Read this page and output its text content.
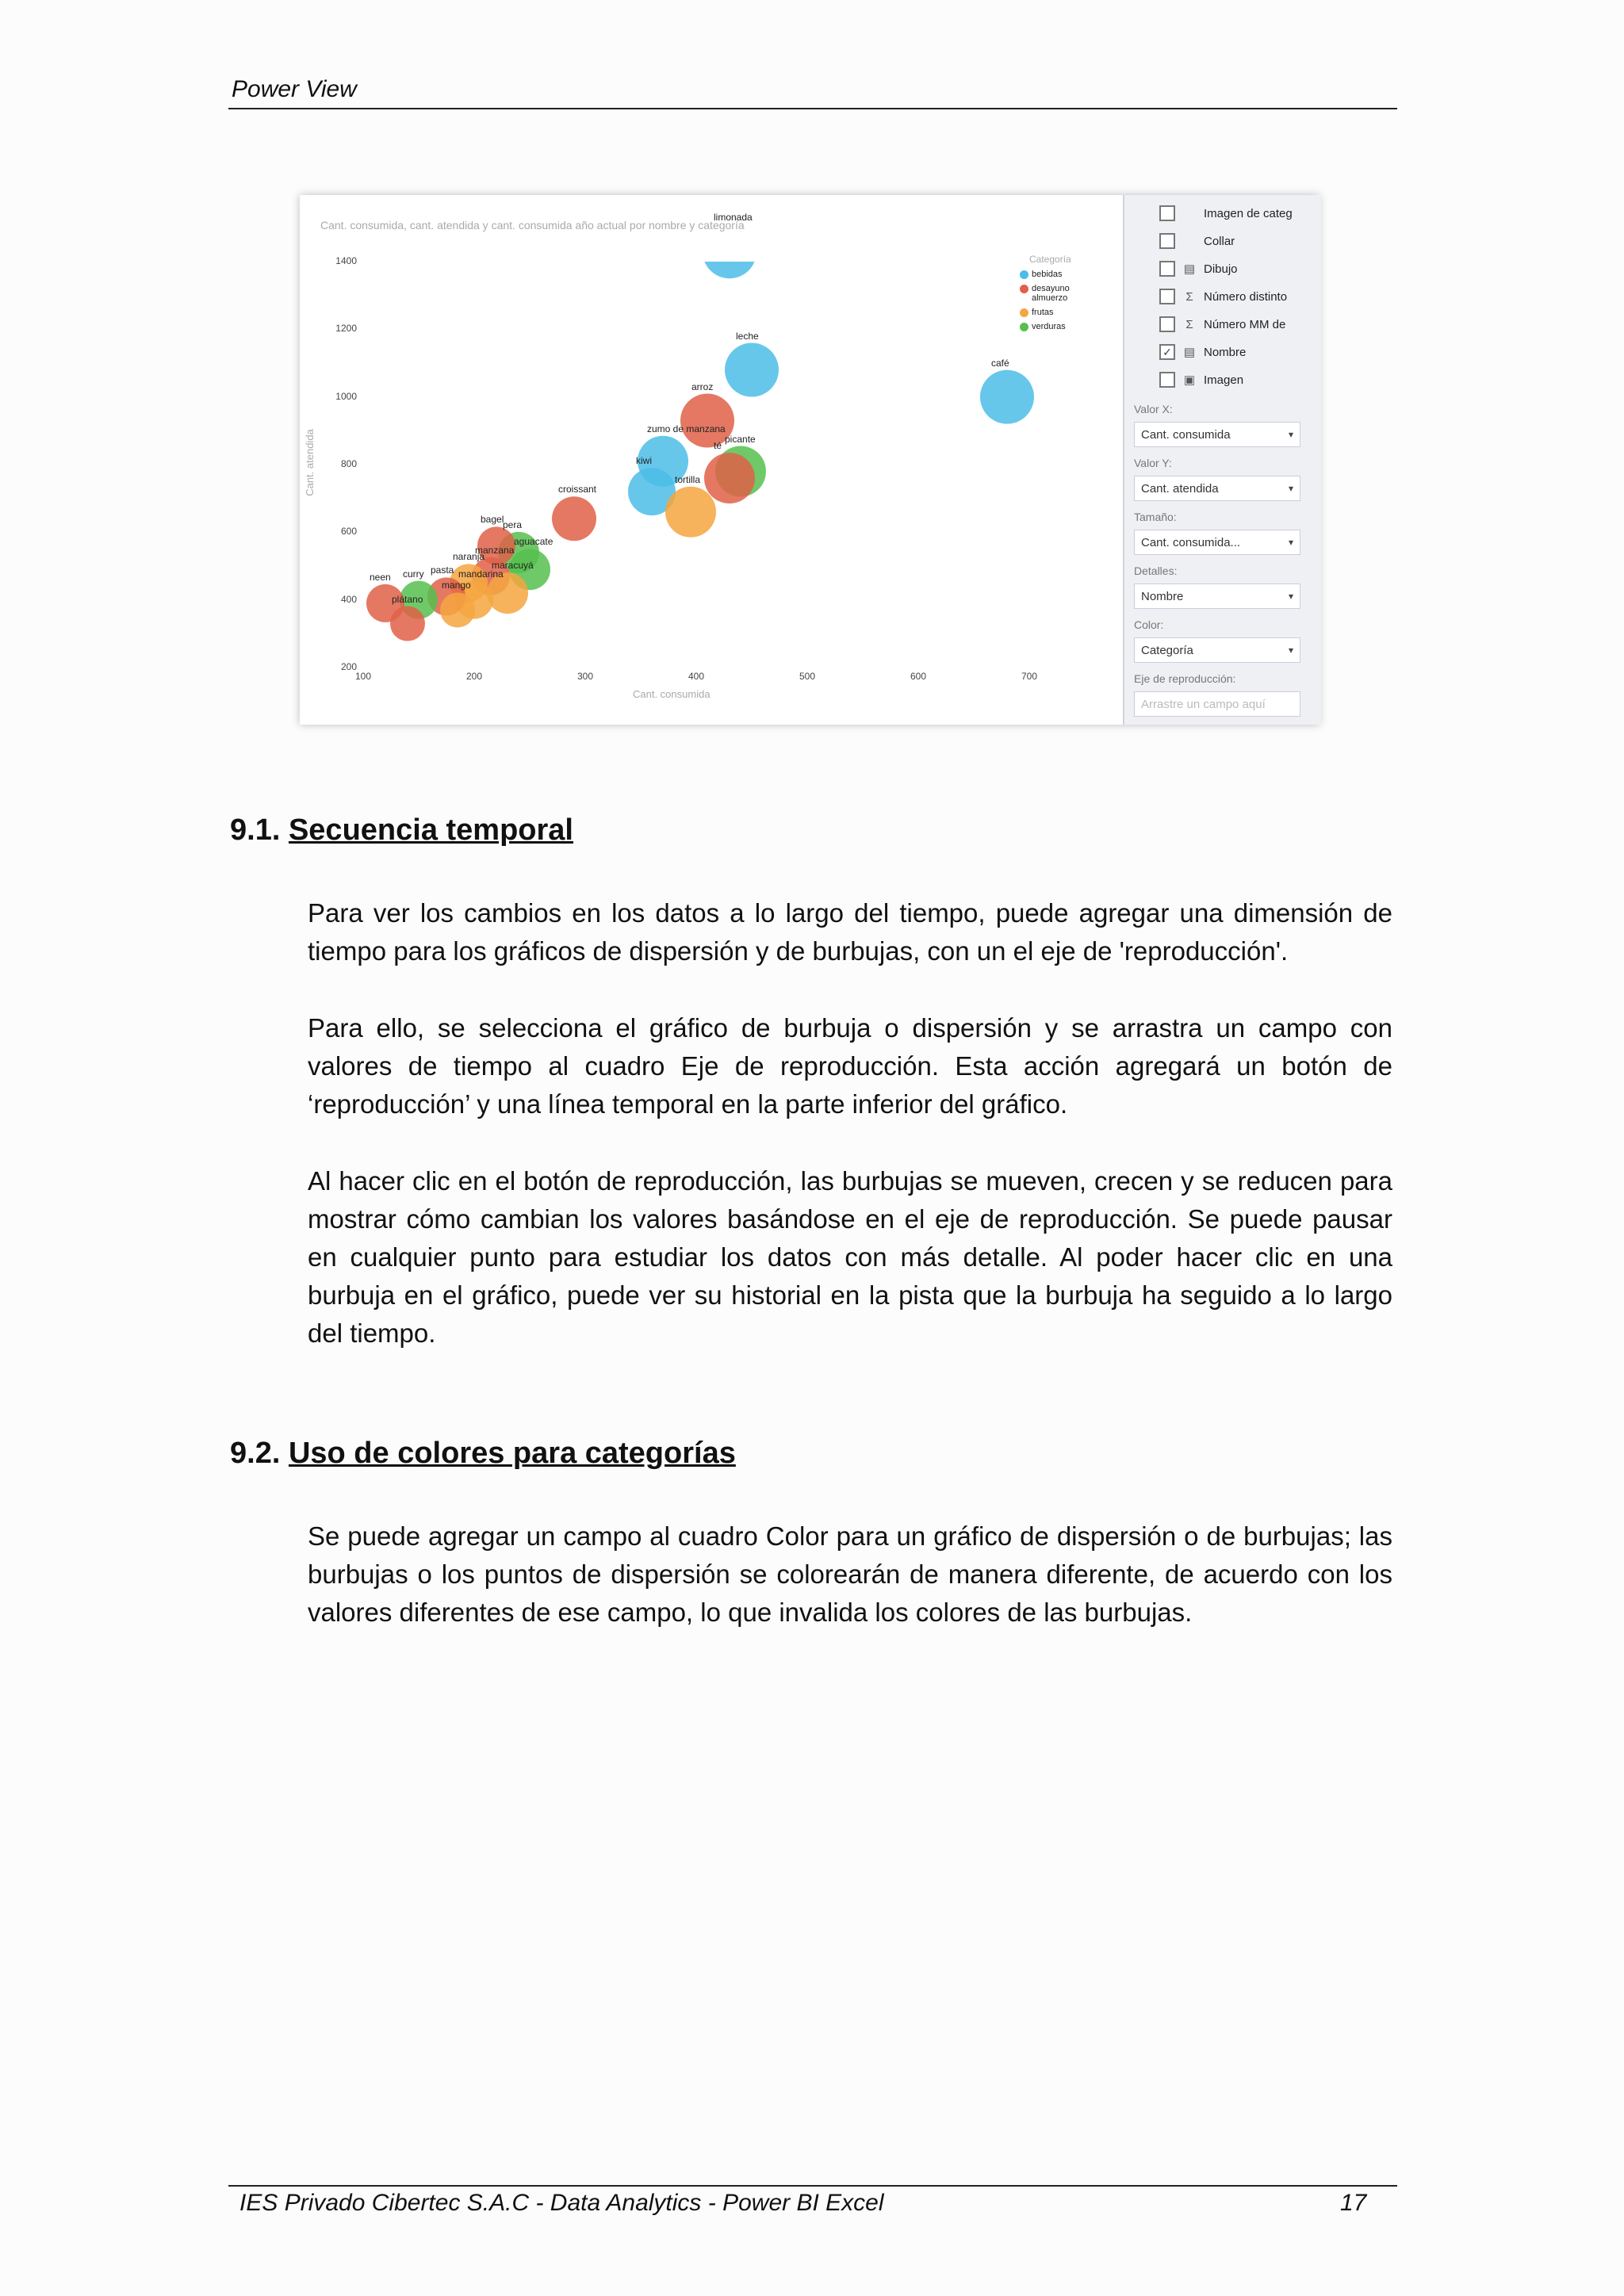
Power View
Cant. consumida, cant. atendida y cant. consumida año actual por nombre y categoría
limonada
café
leche
arroz
zumo de manzana
picante
té
kiwi
tortilla
croissant
pera
bagel
aguacate
manzana
naranja
maracuyá
mandarina
pasta
curry
mango
neen
plátano
200
400
600
800
1000
1200
1400
100	200	300	400	500	600	700
Cant. consumida
Cant. atendida
Categoría
bebidas
desayuno almuerzo
frutas
verduras
Imagen de categ
Collar
▤ Dibujo
Σ Número distinto
Σ Número MM de
✓ ▤ Nombre
▣ Imagen
Valor X:
Cant. consumida	▾
Valor Y:
Cant. atendida	▾
Tamaño:
Cant. consumida...	▾
Detalles:
Nombre	▾
Color:
Categoría	▾
Eje de reproducción:
Arrastre un campo aquí
9.1. Secuencia temporal
Para ver los cambios en los datos a lo largo del tiempo, puede agregar una dimensión de tiempo para los gráficos de dispersión y de burbujas, con un el eje de 'reproducción'.
Para ello, se selecciona el gráfico de burbuja o dispersión y se arrastra un campo con valores de tiempo al cuadro Eje de reproducción. Esta acción agregará un botón de ‘reproducción’ y una línea temporal en la parte inferior del gráfico.
Al hacer clic en el botón de reproducción, las burbujas se mueven, crecen y se reducen para mostrar cómo cambian los valores basándose en el eje de reproducción. Se puede pausar en cualquier punto para estudiar los datos con más detalle. Al poder hacer clic en una burbuja en el gráfico, puede ver su historial en la pista que la burbuja ha seguido a lo largo del tiempo.
9.2. Uso de colores para categorías
Se puede agregar un campo al cuadro Color para un gráfico de dispersión o de burbujas; las burbujas o los puntos de dispersión se colorearán de manera diferente, de acuerdo con los valores diferentes de ese campo, lo que invalida los colores de las burbujas.
IES Privado Cibertec S.A.C - Data Analytics - Power BI Excel	17
